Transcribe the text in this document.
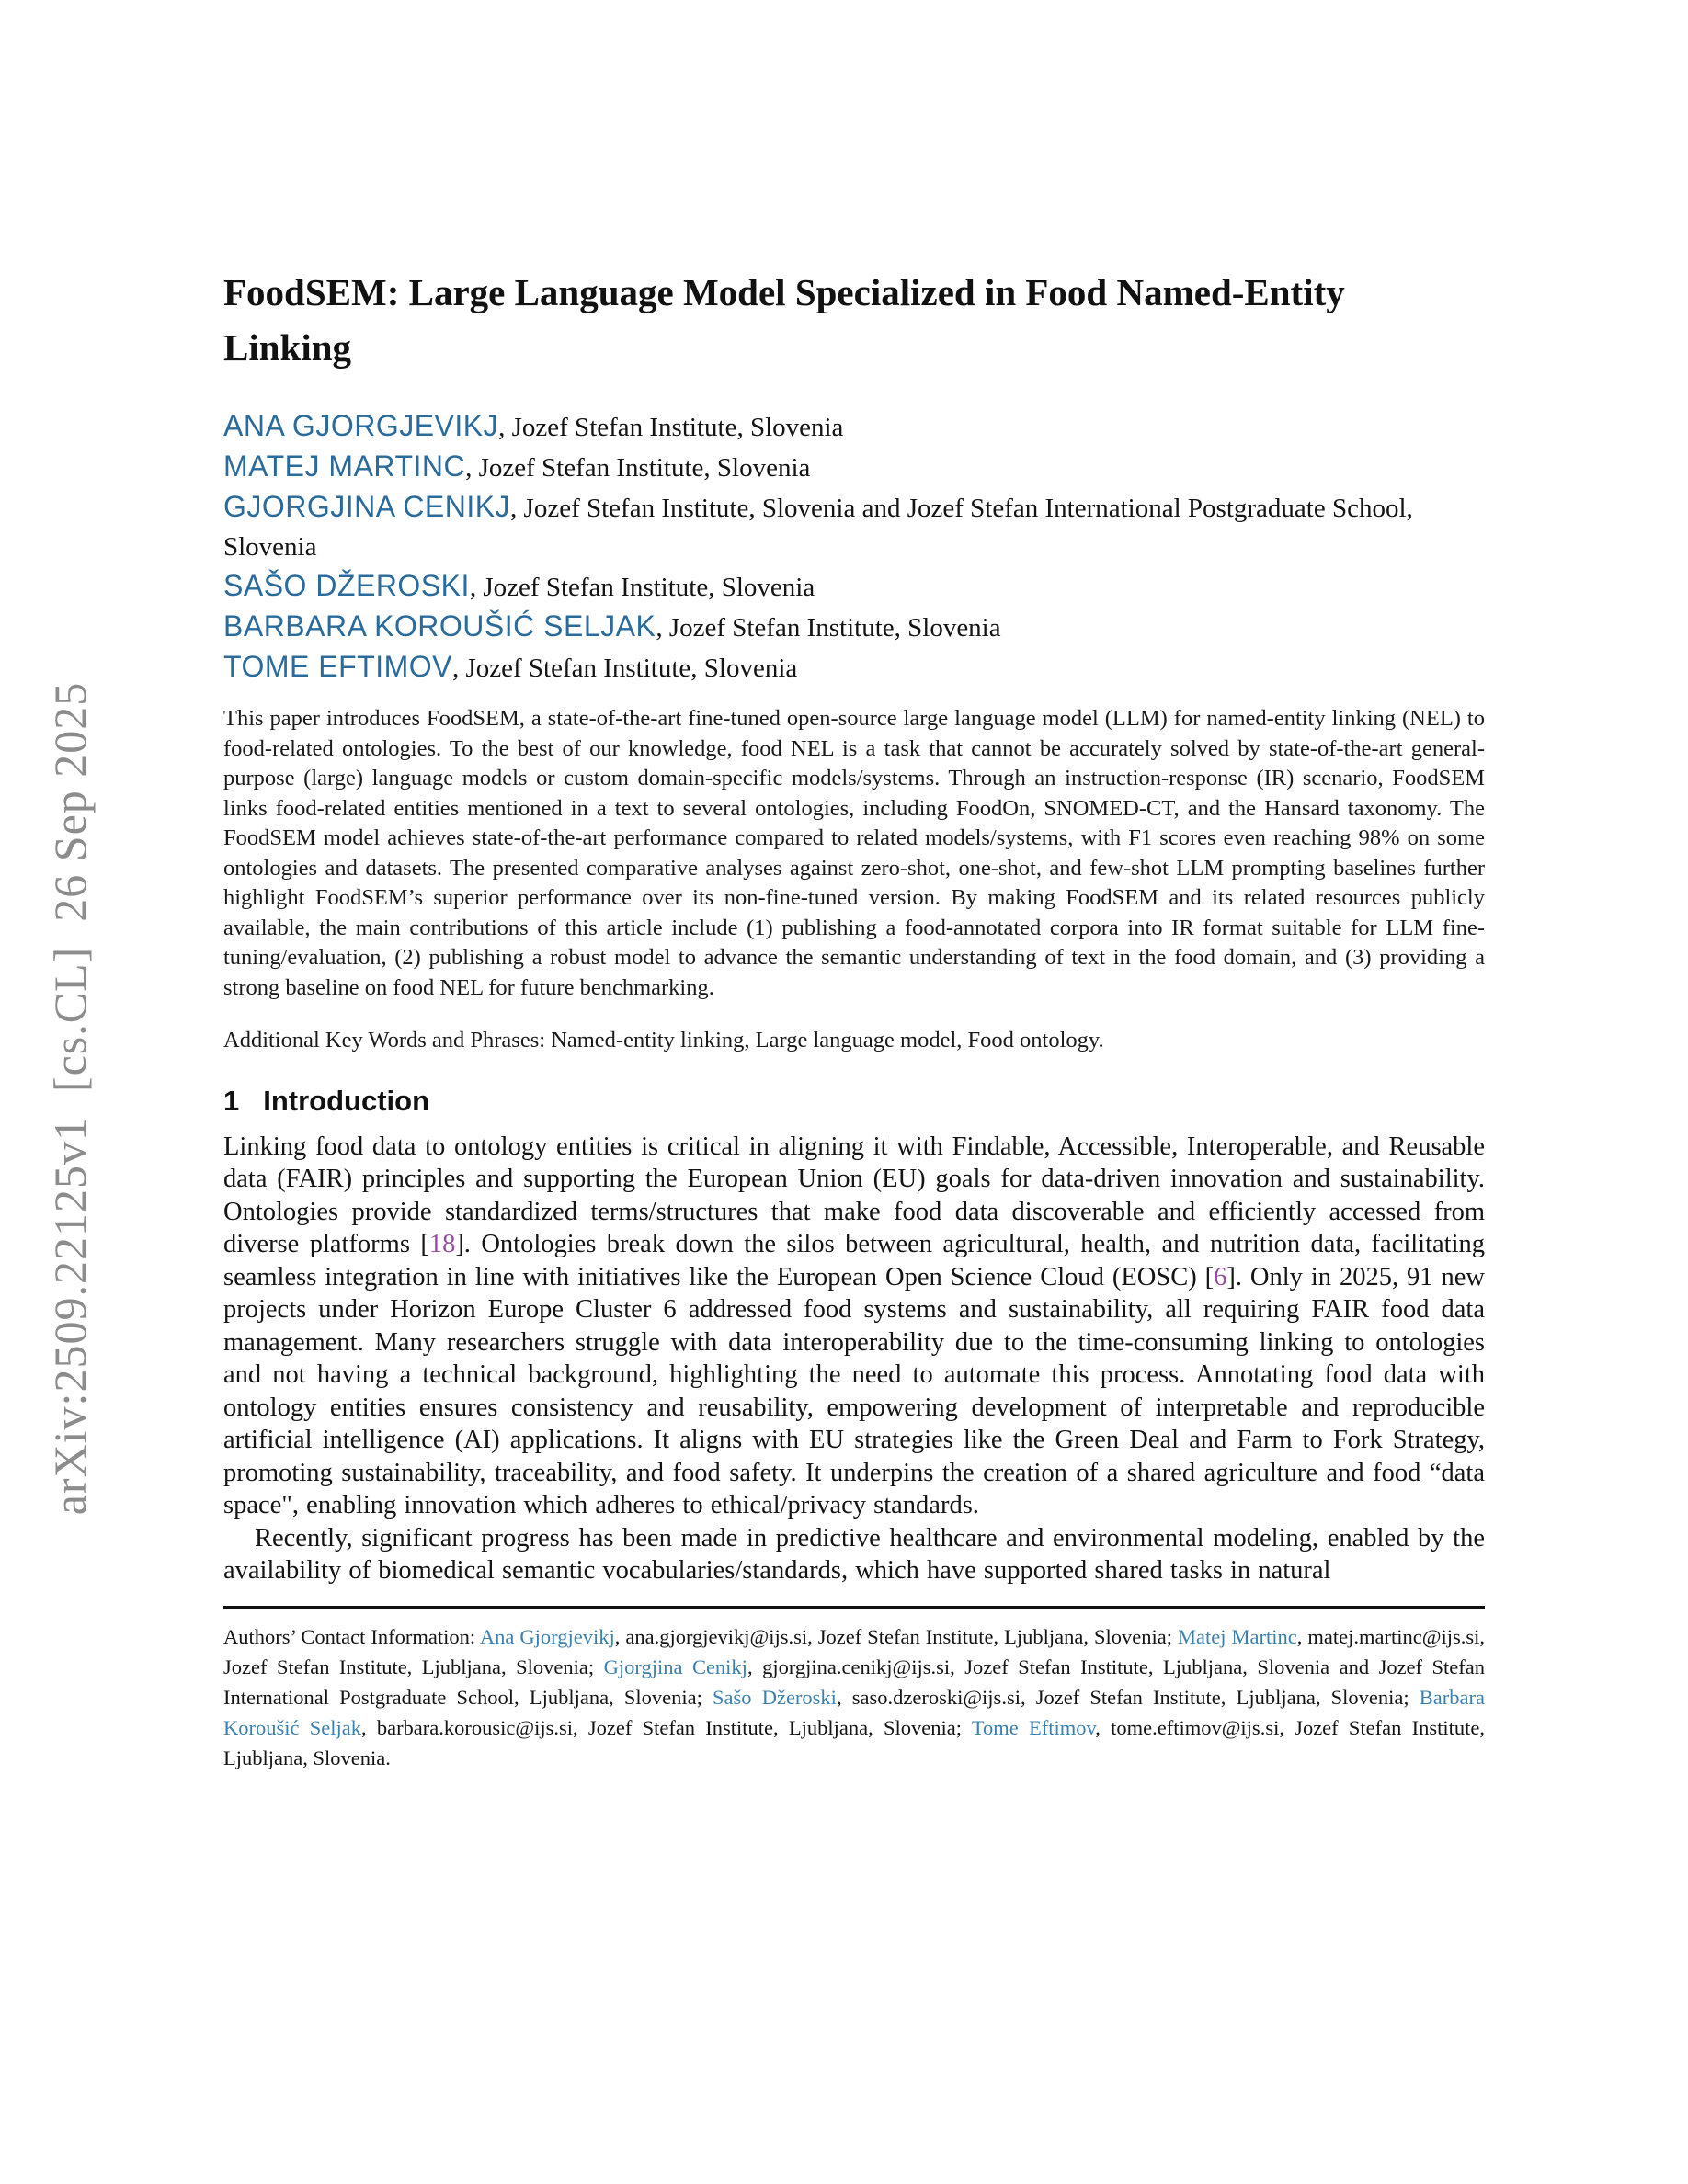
arXiv:2509.22125v1  [cs.CL]  26 Sep 2025
FoodSEM: Large Language Model Specialized in Food Named-Entity Linking
ANA GJORGJEVIKJ, Jozef Stefan Institute, Slovenia
MATEJ MARTINC, Jozef Stefan Institute, Slovenia
GJORGJINA CENIKJ, Jozef Stefan Institute, Slovenia and Jozef Stefan International Postgraduate School, Slovenia
SAŠO DŽEROSKI, Jozef Stefan Institute, Slovenia
BARBARA KOROUŠIĆ SELJAK, Jozef Stefan Institute, Slovenia
TOME EFTIMOV, Jozef Stefan Institute, Slovenia

This paper introduces FoodSEM, a state-of-the-art fine-tuned open-source large language model (LLM) for named-entity linking (NEL) to food-related ontologies. To the best of our knowledge, food NEL is a task that cannot be accurately solved by state-of-the-art general-purpose (large) language models or custom domain-specific models/systems. Through an instruction-response (IR) scenario, FoodSEM links food-related entities mentioned in a text to several ontologies, including FoodOn, SNOMED-CT, and the Hansard taxonomy. The FoodSEM model achieves state-of-the-art performance compared to related models/systems, with F1 scores even reaching 98% on some ontologies and datasets. The presented comparative analyses against zero-shot, one-shot, and few-shot LLM prompting baselines further highlight FoodSEM’s superior performance over its non-fine-tuned version. By making FoodSEM and its related resources publicly available, the main contributions of this article include (1) publishing a food-annotated corpora into IR format suitable for LLM fine-tuning/evaluation, (2) publishing a robust model to advance the semantic understanding of text in the food domain, and (3) providing a strong baseline on food NEL for future benchmarking.

Additional Key Words and Phrases: Named-entity linking, Large language model, Food ontology.

1 Introduction

Linking food data to ontology entities is critical in aligning it with Findable, Accessible, Interoperable, and Reusable data (FAIR) principles and supporting the European Union (EU) goals for data-driven innovation and sustainability. Ontologies provide standardized terms/structures that make food data discoverable and efficiently accessed from diverse platforms [18]. Ontologies break down the silos between agricultural, health, and nutrition data, facilitating seamless integration in line with initiatives like the European Open Science Cloud (EOSC) [6]. Only in 2025, 91 new projects under Horizon Europe Cluster 6 addressed food systems and sustainability, all requiring FAIR food data management. Many researchers struggle with data interoperability due to the time-consuming linking to ontologies and not having a technical background, highlighting the need to automate this process. Annotating food data with ontology entities ensures consistency and reusability, empowering development of interpretable and reproducible artificial intelligence (AI) applications. It aligns with EU strategies like the Green Deal and Farm to Fork Strategy, promoting sustainability, traceability, and food safety. It underpins the creation of a shared agriculture and food “data space", enabling innovation which adheres to ethical/privacy standards.

Recently, significant progress has been made in predictive healthcare and environmental modeling, enabled by the availability of biomedical semantic vocabularies/standards, which have supported shared tasks in natural

Authors’ Contact Information: Ana Gjorgjevikj, ana.gjorgjevikj@ijs.si, Jozef Stefan Institute, Ljubljana, Slovenia; Matej Martinc, matej.martinc@ijs.si, Jozef Stefan Institute, Ljubljana, Slovenia; Gjorgjina Cenikj, gjorgjina.cenikj@ijs.si, Jozef Stefan Institute, Ljubljana, Slovenia and Jozef Stefan International Postgraduate School, Ljubljana, Slovenia; Sašo Džeroski, saso.dzeroski@ijs.si, Jozef Stefan Institute, Ljubljana, Slovenia; Barbara Koroušić Seljak, barbara.korousic@ijs.si, Jozef Stefan Institute, Ljubljana, Slovenia; Tome Eftimov, tome.eftimov@ijs.si, Jozef Stefan Institute, Ljubljana, Slovenia.
